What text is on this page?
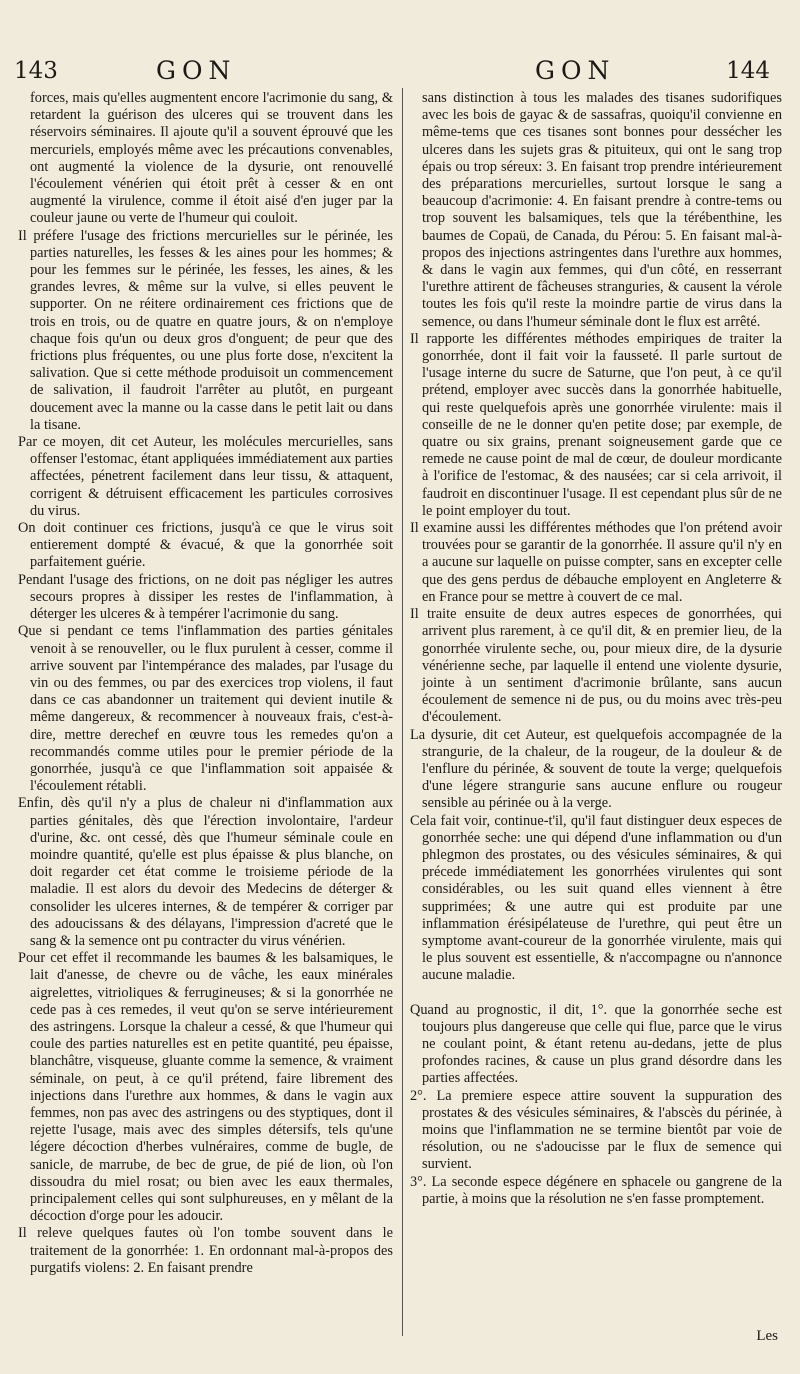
143	GON	GON	144

forces, mais qu'elles augmentent encore l'acrimonie du sang, & retardent la guérison des ulceres qui se trouvent dans les réservoirs séminaires. Il ajoute qu'il a souvent éprouvé que les mercuriels, employés même avec les précautions convenables, ont augmenté la violence de la dysurie, ont renouvellé l'écoulement vénérien qui étoit prêt à cesser & en ont augmenté la virulence, comme il étoit aisé d'en juger par la couleur jaune ou verte de l'humeur qui couloit.

Il préfere l'usage des frictions mercurielles sur le périnée, les parties naturelles, les fesses & les aines pour les hommes; & pour les femmes sur le périnée, les fesses, les aines, & les grandes levres, & même sur la vulve, si elles peuvent le supporter. On ne réitere ordinairement ces frictions que de trois en trois, ou de quatre en quatre jours, & on n'employe chaque fois qu'un ou deux gros d'onguent; de peur que des frictions plus fréquentes, ou une plus forte dose, n'excitent la salivation. Que si cette méthode produisoit un commencement de salivation, il faudroit l'arrêter au plutôt, en purgeant doucement avec la manne ou la casse dans le petit lait ou dans la tisane.

Par ce moyen, dit cet Auteur, les molécules mercurielles, sans offenser l'estomac, étant appliquées immédiatement aux parties affectées, pénetrent facilement dans leur tissu, & attaquent, corrigent & détruisent efficacement les particules corrosives du virus.

On doit continuer ces frictions, jusqu'à ce que le virus soit entierement dompté & évacué, & que la gonorrhée soit parfaitement guérie.

Pendant l'usage des frictions, on ne doit pas négliger les autres secours propres à dissiper les restes de l'inflammation, à déterger les ulceres & à tempérer l'acrimonie du sang.

Que si pendant ce tems l'inflammation des parties génitales venoit à se renouveller, ou le flux purulent à cesser, comme il arrive souvent par l'intempérance des malades, par l'usage du vin ou des femmes, ou par des exercices trop violens, il faut dans ce cas abandonner un traitement qui devient inutile & même dangereux, & recommencer à nouveaux frais, c'est-à-dire, mettre derechef en œuvre tous les remedes qu'on a recommandés comme utiles pour le premier période de la gonorrhée, jusqu'à ce que l'inflammation soit appaisée & l'écoulement rétabli.

Enfin, dès qu'il n'y a plus de chaleur ni d'inflammation aux parties génitales, dès que l'érection involontaire, l'ardeur d'urine, &c. ont cessé, dès que l'humeur séminale coule en moindre quantité, qu'elle est plus épaisse & plus blanche, on doit regarder cet état comme le troisieme période de la maladie. Il est alors du devoir des Medecins de déterger & consolider les ulceres internes, & de tempérer & corriger par des adoucissans & des délayans, l'impression d'acreté que le sang & la semence ont pu contracter du virus vénérien.

Pour cet effet il recommande les baumes & les balsamiques, le lait d'anesse, de chevre ou de vâche, les eaux minérales aigrelettes, vitrioliques & ferrugineuses; & si la gonorrhée ne cede pas à ces remedes, il veut qu'on se serve intérieurement des astringens. Lorsque la chaleur a cessé, & que l'humeur qui coule des parties naturelles est en petite quantité, peu épaisse, blanchâtre, visqueuse, gluante comme la semence, & vraiment séminale, on peut, à ce qu'il prétend, faire librement des injections dans l'urethre aux hommes, & dans le vagin aux femmes, non pas avec des astringens ou des styptiques, dont il rejette l'usage, mais avec des simples détersifs, tels qu'une légere décoction d'herbes vulnéraires, comme de bugle, de sanicle, de marrube, de bec de grue, de pié de lion, où l'on dissoudra du miel rosat; ou bien avec les eaux thermales, principalement celles qui sont sulphureuses, en y mêlant de la décoction d'orge pour les adoucir.

Il releve quelques fautes où l'on tombe souvent dans le traitement de la gonorrhée: 1. En ordonnant mal-à-propos des purgatifs violens: 2. En faisant prendre

sans distinction à tous les malades des tisanes sudorifiques avec les bois de gayac & de sassafras, quoiqu'il convienne en même-tems que ces tisanes sont bonnes pour dessécher les ulceres dans les sujets gras & pituiteux, qui ont le sang trop épais ou trop séreux: 3. En faisant trop prendre intérieurement des préparations mercurielles, surtout lorsque le sang a beaucoup d'acrimonie: 4. En faisant prendre à contre-tems ou trop souvent les balsamiques, tels que la térébenthine, les baumes de Copaü, de Canada, du Pérou: 5. En faisant mal-à-propos des injections astringentes dans l'urethre aux hommes, & dans le vagin aux femmes, qui d'un côté, en resserrant l'urethre attirent de fâcheuses stranguries, & causent la vérole toutes les fois qu'il reste la moindre partie de virus dans la semence, ou dans l'humeur séminale dont le flux est arrêté.

Il rapporte les différentes méthodes empiriques de traiter la gonorrhée, dont il fait voir la fausseté. Il parle surtout de l'usage interne du sucre de Saturne, que l'on peut, à ce qu'il prétend, employer avec succès dans la gonorrhée habituelle, qui reste quelquefois après une gonorrhée virulente: mais il conseille de ne le donner qu'en petite dose; par exemple, de quatre ou six grains, prenant soigneusement garde que ce remede ne cause point de mal de cœur, de douleur mordicante à l'orifice de l'estomac, & des nausées; car si cela arrivoit, il faudroit en discontinuer l'usage. Il est cependant plus sûr de ne le point employer du tout.

Il examine aussi les différentes méthodes que l'on prétend avoir trouvées pour se garantir de la gonorrhée. Il assure qu'il n'y en a aucune sur laquelle on puisse compter, sans en excepter celle que des gens perdus de débauche employent en Angleterre & en France pour se mettre à couvert de ce mal.

Il traite ensuite de deux autres especes de gonorrhées, qui arrivent plus rarement, à ce qu'il dit, & en premier lieu, de la gonorrhée virulente seche, ou, pour mieux dire, de la dysurie vénérienne seche, par laquelle il entend une violente dysurie, jointe à un sentiment d'acrimonie brûlante, sans aucun écoulement de semence ni de pus, ou du moins avec très-peu d'écoulement.

La dysurie, dit cet Auteur, est quelquefois accompagnée de la strangurie, de la chaleur, de la rougeur, de la douleur & de l'enflure du périnée, & souvent de toute la verge; quelquefois d'une légere strangurie sans aucune enflure ou rougeur sensible au périnée ou à la verge.

Cela fait voir, continue-t'il, qu'il faut distinguer deux especes de gonorrhée seche: une qui dépend d'une inflammation ou d'un phlegmon des prostates, ou des vésicules séminaires, & qui précede immédiatement les gonorrhées virulentes qui sont considérables, ou les suit quand elles viennent à être supprimées; & une autre qui est produite par une inflammation érésipélateuse de l'urethre, qui peut être un symptome avant-coureur de la gonorrhée virulente, mais qui le plus souvent est essentielle, & n'accompagne ou n'annonce aucune maladie.

Quand au prognostic, il dit, 1°. que la gonorrhée seche est toujours plus dangereuse que celle qui flue, parce que le virus ne coulant point, & étant retenu au-dedans, jette de plus profondes racines, & cause un plus grand désordre dans les parties affectées.

2°. La premiere espece attire souvent la suppuration des prostates & des vésicules séminaires, & l'abscès du périnée, à moins que l'inflammation ne se termine bientôt par voie de résolution, ou ne s'adoucisse par le flux de semence qui survient.

3°. La seconde espece dégénere en sphacele ou gangrene de la partie, à moins que la résolution ne s'en fasse promptement.

Les
